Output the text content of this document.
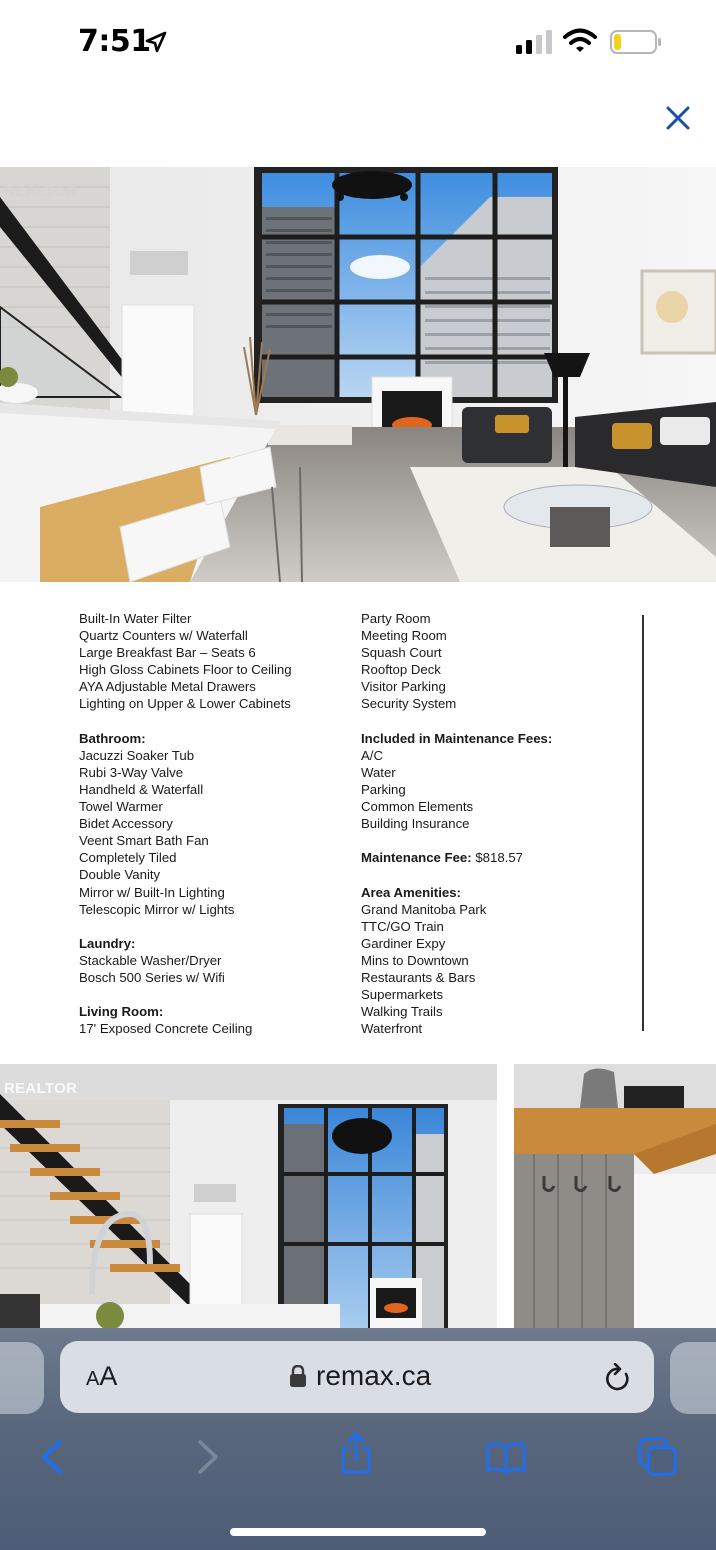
7:51
REALTOR
Built-In Water Filter
Quartz Counters w/ Waterfall
Large Breakfast Bar – Seats 6
High Gloss Cabinets Floor to Ceiling
AYA Adjustable Metal Drawers
Lighting on Upper & Lower Cabinets
Bathroom:
Jacuzzi Soaker Tub
Rubi 3-Way Valve
Handheld & Waterfall
Towel Warmer
Bidet Accessory
Veent Smart Bath Fan
Completely Tiled
Double Vanity
Mirror w/ Built-In Lighting
Telescopic Mirror w/ Lights
Laundry:
Stackable Washer/Dryer
Bosch 500 Series w/ Wifi
Living Room:
17' Exposed Concrete Ceiling
Party Room
Meeting Room
Squash Court
Rooftop Deck
Visitor Parking
Security System
Included in Maintenance Fees:
A/C
Water
Parking
Common Elements
Building Insurance
Maintenance Fee: $818.57
Area Amenities:
Grand Manitoba Park
TTC/GO Train
Gardiner Expy
Mins to Downtown
Restaurants & Bars
Supermarkets
Walking Trails
Waterfront
REALTOR
AA	remax.ca
